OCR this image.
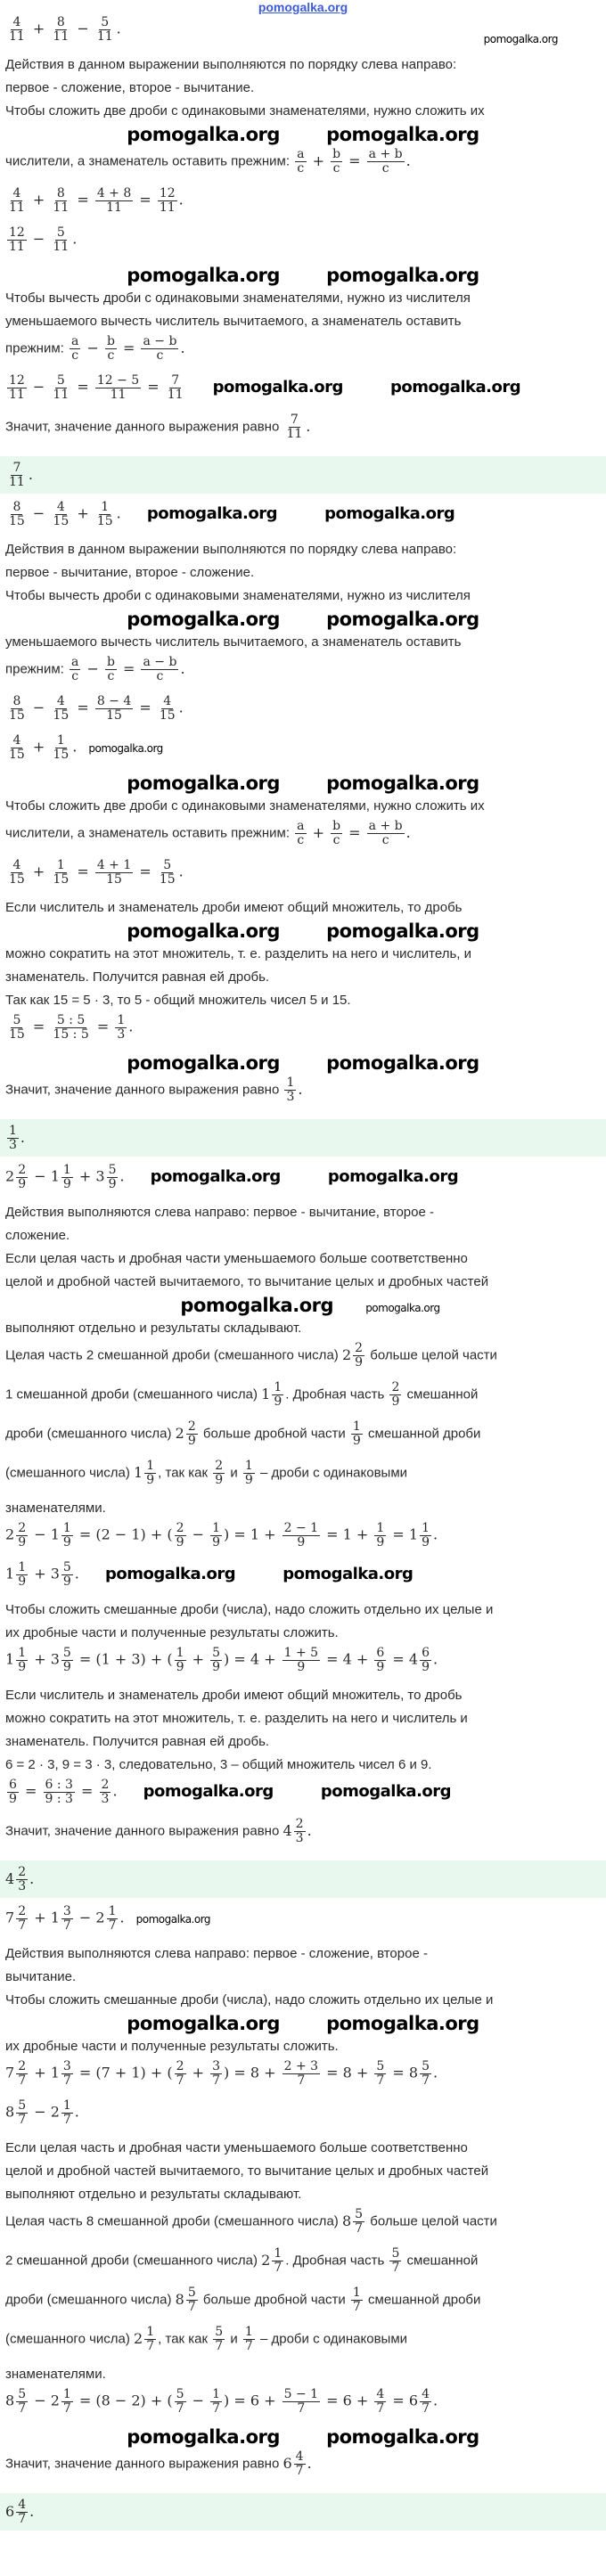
pomogalka.org
$\frac{4}{11} + \frac{8}{11} - \frac{5}{11}$ .
pomogalka.org
Действия в данном выражении выполняются по порядку слева направо:
первое - сложение, второе - вычитание.
Чтобы сложить две дроби с одинаковыми знаменателями, нужно сложить их
pomogalka.org pomogalka.org
числители, а знаменатель оставить прежним: $\frac{a}{c} + \frac{b}{c} = \frac{a + b}{c}$ .
$\frac{4}{11} + \frac{8}{11} = \frac{4 + 8}{11} = \frac{12}{11}$ .
$\frac{12}{11} - \frac{5}{11}$ .
pomogalka.org pomogalka.org
Чтобы вычесть дроби с одинаковыми знаменателями, нужно из числителя
уменьшаемого вычесть числитель вычитаемого, а знаменатель оставить
прежним: $\frac{a}{c} - \frac{b}{c} = \frac{a - b}{c}$ .
$\frac{12}{11} - \frac{5}{11} = \frac{12 - 5}{11} = \frac{7}{11}$ pomogalka.org	pomogalka.org
Значит, значение данного выражения равно $\frac{7}{11}$ .
$\frac{7}{11}$ .
$\frac{8}{15} - \frac{4}{15} + \frac{1}{15}$ . pomogalka.org	pomogalka.org
Действия в данном выражении выполняются по порядку слева направо:
первое - вычитание, второе - сложение.
Чтобы вычесть дроби с одинаковыми знаменателями, нужно из числителя
pomogalka.org pomogalka.org
уменьшаемого вычесть числитель вычитаемого, а знаменатель оставить
прежним: $\frac{a}{c} - \frac{b}{c} = \frac{a - b}{c}$ .
$\frac{8}{15} - \frac{4}{15} = \frac{8 - 4}{15} = \frac{4}{15}$ .
$\frac{4}{15} + \frac{1}{15}$ . pomogalka.org
pomogalka.org pomogalka.org
Чтобы сложить две дроби с одинаковыми знаменателями, нужно сложить их
числители, а знаменатель оставить прежним: $\frac{a}{c} + \frac{b}{c} = \frac{a + b}{c}$ .
$\frac{4}{15} + \frac{1}{15} = \frac{4 + 1}{15} = \frac{5}{15}$ .
Если числитель и знаменатель дроби имеют общий множитель, то дробь
pomogalka.org pomogalka.org
можно сократить на этот множитель, т. е. разделить на него и числитель, и
знаменатель. Получится равная ей дробь.
Так как 15 = 5 · 3, то 5 - общий множитель чисел 5 и 15.
$\frac{5}{15} = \frac{5 : 5}{15 : 5} = \frac{1}{3}$ .
pomogalka.org pomogalka.org
Значит, значение данного выражения равно $\frac{1}{3}$ .
$\frac{1}{3}$ .
$2 \frac{2}{9} - 1 \frac{1}{9} + 3 \frac{5}{9}$ . pomogalka.org	pomogalka.org
Действия выполняются слева направо: первое - вычитание, второе -
сложение.
Если целая часть и дробная части уменьшаемого больше соответственно
целой и дробной частей вычитаемого, то вычитание целых и дробных частей
pomogalka.org	pomogalka.org
выполняют отдельно и результаты складывают.
Целая часть 2 смешанной дроби (смешанного числа) $2 \frac{2}{9}$ больше целой части
1 смешанной дроби (смешанного числа) $1 \frac{1}{9}$ . Дробная часть $\frac{2}{9}$ смешанной
дроби (смешанного числа) $2 \frac{2}{9}$ больше дробной части $\frac{1}{9}$ смешанной дроби
(смешанного числа) $1 \frac{1}{9}$ , так как $\frac{2}{9}$ и $\frac{1}{9}$ – дроби с одинаковыми
знаменателями.
$2 \frac{2}{9} - 1 \frac{1}{9} = (2 - 1)$ + ( $\frac{2}{9} - \frac{1}{9}$ ) = $1 + \frac{2 - 1}{9} = 1 + \frac{1}{9} = 1 \frac{1}{9}$ .
$1 \frac{1}{9} + 3 \frac{5}{9}$ . pomogalka.org	pomogalka.org
Чтобы сложить смешанные дроби (числа), надо сложить отдельно их целые и
их дробные части и полученные результаты сложить.
$1 \frac{1}{9} + 3 \frac{5}{9} = (1 + 3)$ + ( $\frac{1}{9} + \frac{5}{9}$ ) = $4 + \frac{1 + 5}{9} = 4 + \frac{6}{9} = 4 \frac{6}{9}$ .
Если числитель и знаменатель дроби имеют общий множитель, то дробь
можно сократить на этот множитель, т. е. разделить на него и числитель и
знаменатель. Получится равная ей дробь.
6 = 2 · 3, 9 = 3 · 3, следовательно, 3 – общий множитель чисел 6 и 9.
$\frac{6}{9} = \frac{6 : 3}{9 : 3} = \frac{2}{3}$ . pomogalka.org	pomogalka.org
Значит, значение данного выражения равно $4 \frac{2}{3}$ .
$4 \frac{2}{3}$ .
$7 \frac{2}{7} + 1 \frac{3}{7} - 2 \frac{1}{7}$ . pomogalka.org
Действия выполняются слева направо: первое - сложение, второе -
вычитание.
Чтобы сложить смешанные дроби (числа), надо сложить отдельно их целые и
pomogalka.org pomogalka.org
их дробные части и полученные результаты сложить.
$7 \frac{2}{7} + 1 \frac{3}{7} = (7 + 1)$ + ( $\frac{2}{7} + \frac{3}{7}$ ) = $8 + \frac{2 + 3}{7} = 8 + \frac{5}{7} = 8 \frac{5}{7}$ .
$8 \frac{5}{7} - 2 \frac{1}{7}$ .
Если целая часть и дробная части уменьшаемого больше соответственно
целой и дробной частей вычитаемого, то вычитание целых и дробных частей
выполняют отдельно и результаты складывают.
Целая часть 8 смешанной дроби (смешанного числа) $8 \frac{5}{7}$ больше целой части
2 смешанной дроби (смешанного числа) $2 \frac{1}{7}$ . Дробная часть $\frac{5}{7}$ смешанной
дроби (смешанного числа) $8 \frac{5}{7}$ больше дробной части $\frac{1}{7}$ смешанной дроби
(смешанного числа) $2 \frac{1}{7}$ , так как $\frac{5}{7}$ и $\frac{1}{7}$ – дроби с одинаковыми
знаменателями.
$8 \frac{5}{7} - 2 \frac{1}{7} = (8 - 2)$ + ( $\frac{5}{7} - \frac{1}{7}$ ) = $6 + \frac{5 - 1}{7} = 6 + \frac{4}{7} = 6 \frac{4}{7}$ .
pomogalka.org pomogalka.org
Значит, значение данного выражения равно $6 \frac{4}{7}$ .
$6 \frac{4}{7}$ .
